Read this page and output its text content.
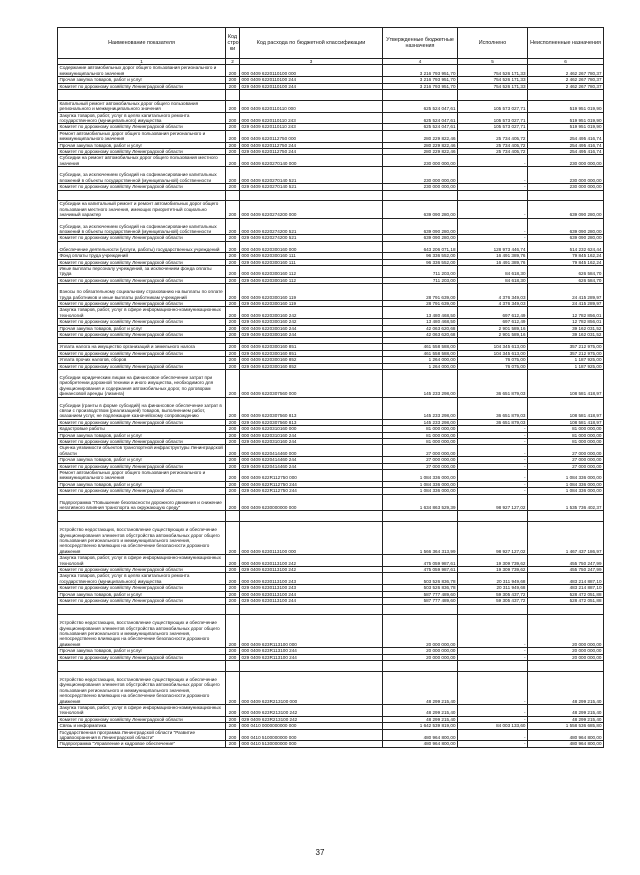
Наименование показателя	Код стро ки	Код расхода по бюджетной классификации	Утвержденные бюджетные назначения	Исполнено	Неисполненные назначения
1	2	3	4	5	6
Содержание автомобильных дорог общего пользования регионального и межмуниципального значения	200	000 0409 6220110100 000	3 216 793 951,70	754 526 171,33	2 462 267 780,37
Прочая закупка товаров, работ и услуг	200	000 0409 6220110100 244	3 216 793 951,70	754 526 171,33	2 462 267 780,37
Комитет по дорожному хозяйству Ленинградской области	200	029 0409 6220110100 244	3 216 793 951,70	754 526 171,33	2 462 267 780,37

Капитальный ремонт автомобильных дорог общего пользования регионального и межмуниципального значения	200	000 0409 6220110110 000	625 524 047,61	105 573 027,71	519 951 019,90
Закупка товаров, работ, услуг в целях капитального ремонта государственного (муниципального) имущества	200	000 0409 6220110110 243	625 524 047,61	105 573 027,71	519 951 019,90
Комитет по дорожному хозяйству Ленинградской области	200	029 0409 6220110110 243	625 524 047,61	105 573 027,71	519 951 019,90
Ремонт автомобильных дорог общего пользования регионального и межмуниципального значения	200	000 0409 6220112750 000	280 229 822,46	25 734 405,72	254 495 416,74
Прочая закупка товаров, работ и услуг	200	000 0409 6220112750 244	280 229 822,46	25 734 405,72	254 495 416,74
Комитет по дорожному хозяйству Ленинградской области	200	029 0409 6220112750 244	280 229 822,46	25 734 405,72	254 495 416,74
Субсидии на ремонт автомобильных дорог общего пользования местного значения	200	000 0409 6220270140 000	230 000 000,00	-	230 000 000,00
Субсидии, за исключением субсидий на софинансирование капитальных вложений в объекты государственной (муниципальной) собственности	200	000 0409 6220270140 521	230 000 000,00	-	230 000 000,00
Комитет по дорожному хозяйству Ленинградской области	200	029 0409 6220270140 521	230 000 000,00	-	230 000 000,00

Субсидии на капитальный ремонт и ремонт автомобильных дорог общего пользования местного значения, имеющих приоритетный социально значимый характер	200	000 0409 6220274200 000	639 090 280,00	-	639 090 280,00
Субсидии, за исключением субсидий на софинансирование капитальных вложений в объекты государственной (муниципальной) собственности	200	000 0409 6220274200 521	639 090 280,00	-	639 090 280,00
Комитет по дорожному хозяйству Ленинградской области	200	029 0409 6220274200 521	639 090 280,00	-	639 090 280,00
Обеспечение деятельности (услуги, работы) государственных учреждений	200	000 0409 6220300160 000	643 206 071,18	128 973 446,74	514 232 624,44
Фонд оплаты труда учреждений	200	000 0409 6220300160 111	96 336 552,00	16 491 389,76	79 845 162,24
Комитет по дорожному хозяйству Ленинградской области	200	029 0409 6220300160 111	96 336 552,00	16 491 389,76	79 845 162,24
Иные выплаты персоналу учреждений, за исключением фонда оплаты труда	200	000 0409 6220300160 112	711 203,00	84 618,30	626 584,70
Комитет по дорожному хозяйству Ленинградской области	200	029 0409 6220300160 112	711 203,00	84 618,30	626 584,70
Взносы по обязательному социальному страхованию на выплаты по оплате труда работников и иные выплаты работникам учреждений	200	000 0409 6220300160 119	28 791 639,00	4 376 349,03	24 415 289,97
Комитет по дорожному хозяйству Ленинградской области	200	029 0409 6220300160 119	28 791 639,00	4 376 349,03	24 415 289,97
Закупка товаров, работ, услуг в сфере информационно-коммуникационных технологий	200	000 0409 6220300160 242	13 480 468,50	697 612,49	12 782 856,01
Комитет по дорожному хозяйству Ленинградской области	200	029 0409 6220300160 242	13 480 468,50	697 612,49	12 782 856,01
Прочая закупка товаров, работ и услуг	200	000 0409 6220300160 244	42 063 620,68	2 901 589,16	39 162 031,52
Комитет по дорожному хозяйству Ленинградской области	200	029 0409 6220300160 244	42 063 620,68	2 901 589,16	39 162 031,52

Уплата налога на имущество организаций и земельного налога	200	000 0409 6220300160 851	461 558 588,00	104 345 613,00	357 212 975,00
Комитет по дорожному хозяйству Ленинградской области	200	029 0409 6220300160 851	461 558 588,00	104 345 613,00	357 212 975,00
Уплата прочих налогов, сборов	200	000 0409 6220300160 852	1 264 000,00	76 075,00	1 187 925,00
Комитет по дорожному хозяйству Ленинградской области	200	029 0409 6220300160 852	1 264 000,00	76 075,00	1 187 925,00
Субсидии юридическим лицам на финансовое обеспечение затрат при приобретении дорожной техники и иного имущества, необходимого для функционирования и содержания автомобильных дорог, по договорам финансовой аренды (лизинга)	200	000 0409 6220307560 000	145 233 298,00	36 651 879,03	108 581 418,97
Субсидии (гранты в форме субсидий) на финансовое обеспечение затрат в связи с производством (реализацией) товаров, выполнением работ, оказанием услуг, не подлежащие казначейскому сопровождению	200	000 0409 6220307560 813	145 233 298,00	36 651 879,03	108 581 418,97
Комитет по дорожному хозяйству Ленинградской области	200	029 0409 6220307560 813	145 233 298,00	36 651 879,03	108 581 418,97
Кадастровые работы	200	000 0409 6220310160 000	81 000 000,00	-	81 000 000,00
Прочая закупка товаров, работ и услуг	200	000 0409 6220310160 244	81 000 000,00	-	81 000 000,00
Комитет по дорожному хозяйству Ленинградской области	200	029 0409 6220310160 244	81 000 000,00	-	81 000 000,00
Оценка уязвимости объектов транспортной инфраструктуры Ленинградской области	200	000 0409 6220414460 000	27 000 000,00	-	27 000 000,00
Прочая закупка товаров, работ и услуг	200	000 0409 6220414460 244	27 000 000,00	-	27 000 000,00
Комитет по дорожному хозяйству Ленинградской области	200	029 0409 6220414460 244	27 000 000,00	-	27 000 000,00
Ремонт автомобильных дорог общего пользования регионального и межмуниципального значения	200	000 0409 622R112750 000	1 084 336 000,00	-	1 084 336 000,00
Прочая закупка товаров, работ и услуг	200	000 0409 622R112750 244	1 084 336 000,00	-	1 084 336 000,00
Комитет по дорожному хозяйству Ленинградской области	200	029 0409 622R112750 244	1 084 336 000,00	-	1 084 336 000,00
Подпрограмма "Повышение безопасности дорожного движения и снижение негативного влияния транспорта на окружающую среду"	200	000 0409 6230000000 000	1 634 863 529,39	98 927 127,02	1 535 736 402,37

Устройство недостающих, восстановление существующих и обеспечение функционирования элементов обустройства автомобильных дорог общего пользования регионального и межмуниципального значения, непосредственно влияющих на обеспечение безопасности дорожного движения	200	000 0409 6230113100 000	1 566 364 313,99	98 927 127,02	1 467 437 186,97
Закупка товаров, работ, услуг в сфере информационно-коммуникационных технологий	200	000 0409 6230113100 242	475 059 987,61	19 309 739,62	455 750 247,99
Комитет по дорожному хозяйству Ленинградской области	200	029 0409 6230113100 242	475 059 987,61	19 309 739,62	455 750 247,99
Закупка товаров, работ, услуг в целях капитального ремонта государственного (муниципального) имущества	200	000 0409 6230113100 243	503 526 836,78	20 311 949,68	483 214 887,10
Комитет по дорожному хозяйству Ленинградской области	200	029 0409 6230113100 243	503 526 836,78	20 311 949,68	483 214 887,10
Прочая закупка товаров, работ и услуг	200	000 0409 6230113100 244	587 777 489,60	59 305 437,72	528 472 051,88
Комитет по дорожному хозяйству Ленинградской области	200	029 0409 6230113100 244	587 777 489,60	59 305 437,72	528 472 051,88

Устройство недостающих, восстановление существующих и обеспечение функционирования элементов обустройства автомобильных дорог общего пользования регионального и межмуниципального значения, непосредственно влияющих на обеспечение безопасности дорожного движения	200	000 0409 623R113100 000	20 000 000,00	-	20 000 000,00
Прочая закупка товаров, работ и услуг	200	000 0409 623R113100 244	20 000 000,00	-	20 000 000,00
Комитет по дорожному хозяйству Ленинградской области	200	029 0409 623R113100 244	20 000 000,00	-	20 000 000,00

Устройство недостающих, восстановление существующих и обеспечение функционирования элементов обустройства автомобильных дорог общего пользования регионального и межмуниципального значения, непосредственно влияющих на обеспечение безопасности дорожного движения	200	000 0409 623R213100 000	48 299 215,40	-	48 299 215,40
Закупка товаров, работ, услуг в сфере информационно-коммуникационных технологий	200	000 0409 623R213100 242	48 299 215,40	-	48 299 215,40
Комитет по дорожному хозяйству Ленинградской области	200	029 0409 623R213100 242	48 299 215,40	-	48 299 215,40
Связь и информатика	200	000 0410 0000000000 000	1 642 539 819,00	84 003 133,60	1 558 536 685,80
Государственная программа Ленинградской области "Развитие здравоохранения в Ленинградской области"	200	000 0410 5100000000 000	480 964 800,00	-	480 964 800,00
Подпрограмма "Управление и кадровое обеспечение"	200	000 0410 5130000000 000	480 964 800,00	-	480 964 800,00
37
